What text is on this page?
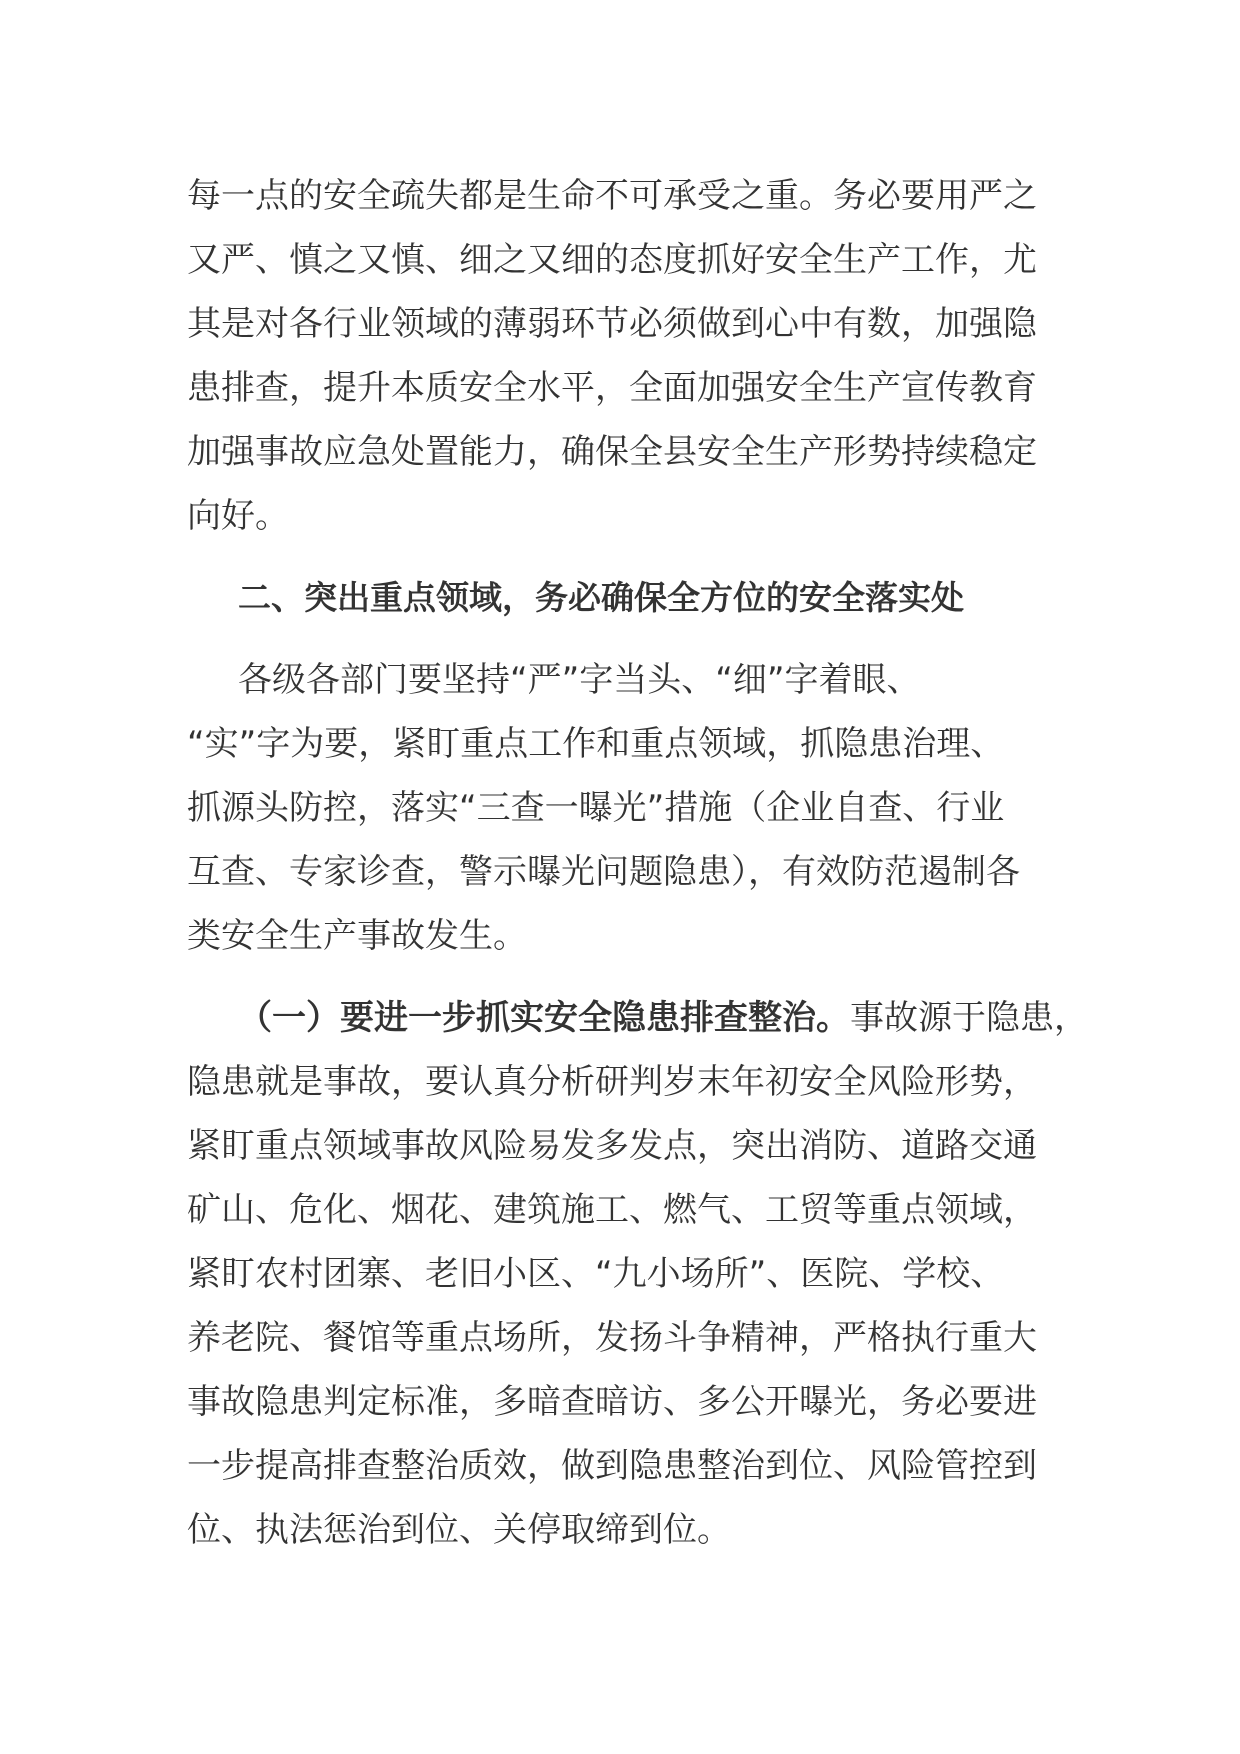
每一点的安全疏失都是生命不可承受之重。务必要用严之
又严、慎之又慎、细之又细的态度抓好安全生产工作，尤
其是对各行业领域的薄弱环节必须做到心中有数，加强隐
患排查，提升本质安全水平，全面加强安全生产宣传教育
加强事故应急处置能力，确保全县安全生产形势持续稳定
向好。
二、突出重点领域，务必确保全方位的安全落实处
各级各部门要坚持“严”字当头、“细”字着眼、
“实”字为要，紧盯重点工作和重点领域，抓隐患治理、
抓源头防控，落实“三查一曝光”措施（企业自查、行业
互查、专家诊查，警示曝光问题隐患），有效防范遏制各
类安全生产事故发生。
（一）要进一步抓实安全隐患排查整治。事故源于隐患，
隐患就是事故，要认真分析研判岁末年初安全风险形势，
紧盯重点领域事故风险易发多发点，突出消防、道路交通
矿山、危化、烟花、建筑施工、燃气、工贸等重点领域，
紧盯农村团寨、老旧小区、“九小场所”、医院、学校、
养老院、餐馆等重点场所，发扬斗争精神，严格执行重大
事故隐患判定标准，多暗查暗访、多公开曝光，务必要进
一步提高排查整治质效，做到隐患整治到位、风险管控到
位、执法惩治到位、关停取缔到位。
